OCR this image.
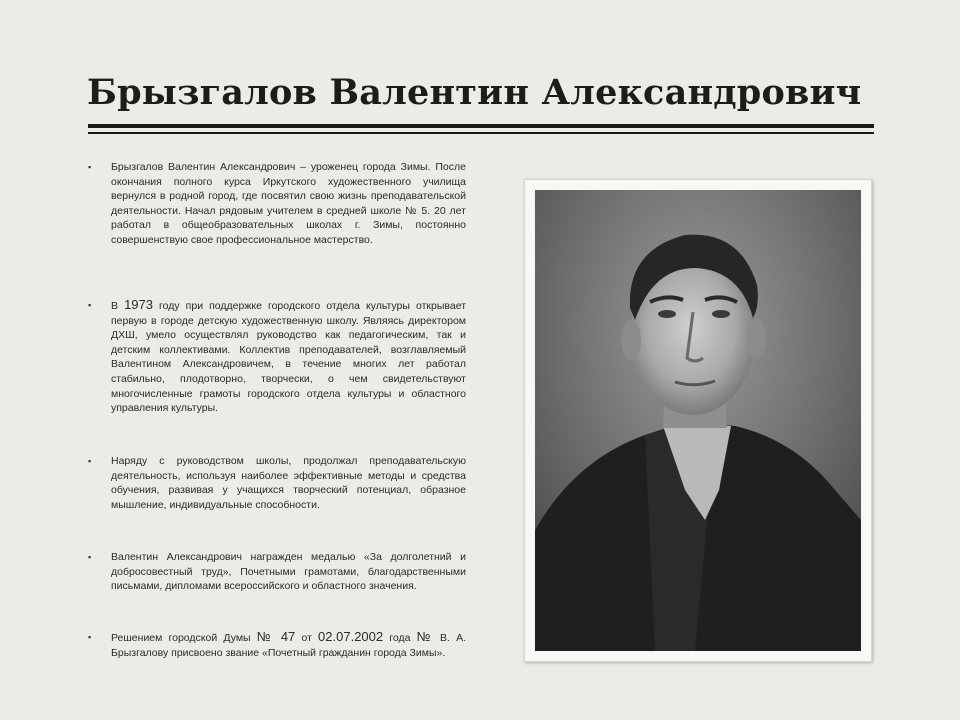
Брызгалов Валентин Александрович
▪ Брызгалов Валентин Александрович – уроженец города Зимы. После окончания полного курса Иркутского художественного училища вернулся в родной город, где посвятил свою жизнь преподавательской деятельности. Начал рядовым учителем в средней школе № 5. 20 лет работал в общеобразовательных школах г. Зимы, постоянно совершенствую свое профессиональное мастерство.
▪ В 1973 году при поддержке городского отдела культуры открывает первую в городе детскую художественную школу. Являясь директором ДХШ, умело осуществлял руководство как педагогическим, так и детским коллективами. Коллектив преподавателей, возглавляемый Валентином Александровичем, в течение многих лет работал стабильно, плодотворно, творчески, о чем свидетельствуют многочисленные грамоты городского отдела культуры и областного управления культуры.
▪ Наряду с руководством школы, продолжал преподавательскую деятельность, используя наиболее эффективные методы и средства обучения, развивая у учащихся творческий потенциал, образное мышление, индивидуальные способности.
▪ Валентин Александрович награжден медалью «За долголетний и добросовестный труд», Почетными грамотами, благодарственными письмами, дипломами всероссийского и областного значения.
▪ Решением городской Думы № 47 от 02.07.2002 года № В. А. Брызгалову присвоено звание «Почетный гражданин города Зимы».
